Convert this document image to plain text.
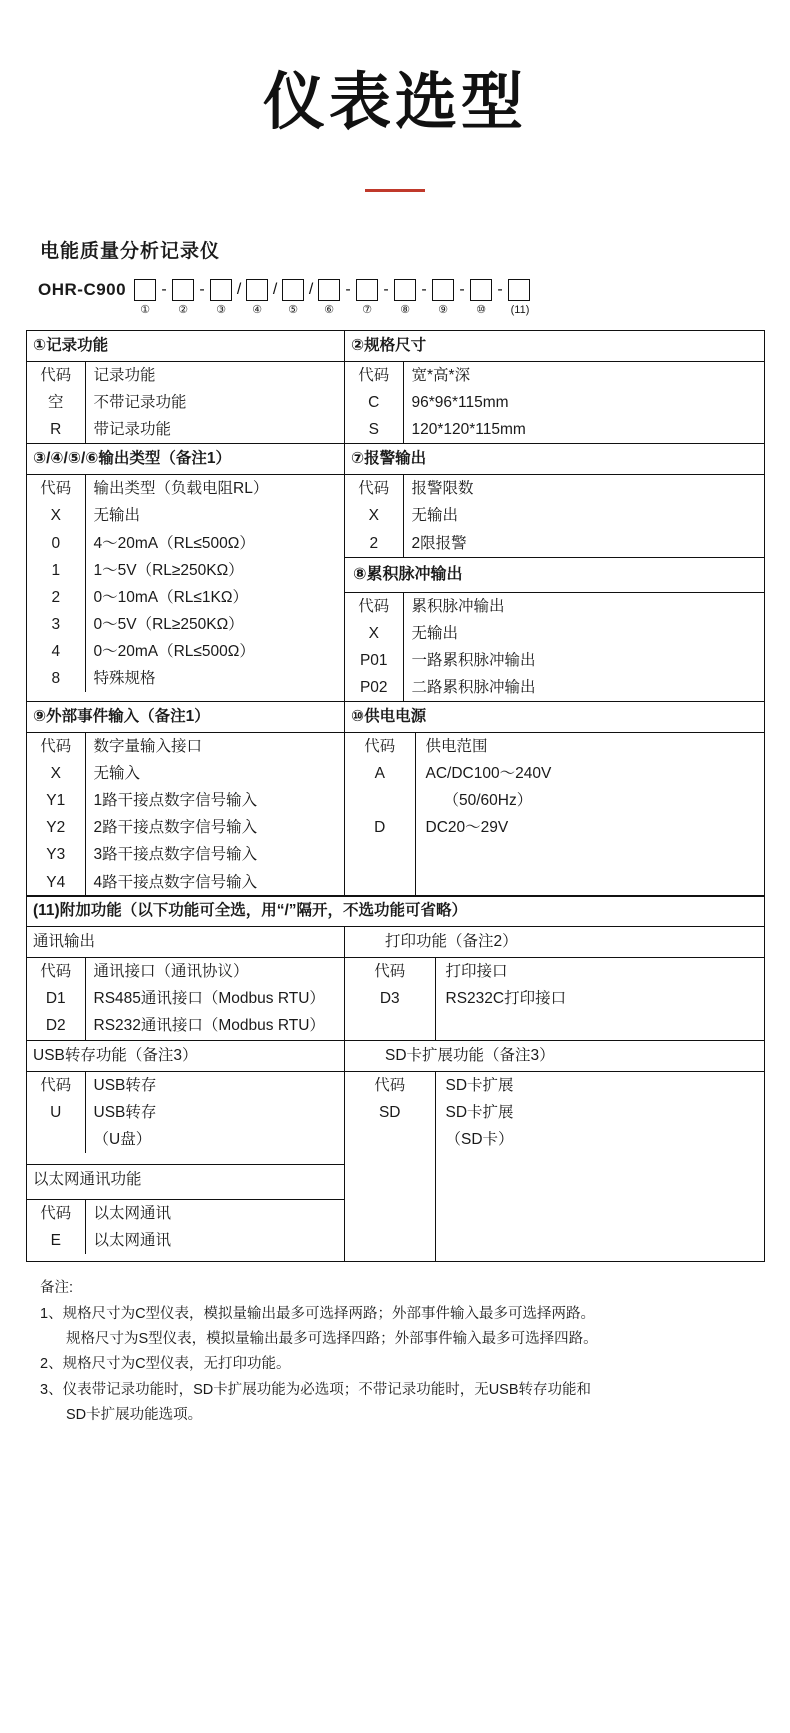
仪表选型
电能质量分析记录仪
OHR-C900	-	-	/ / /	-	-	-	-	-
①	②	③	④	⑤	⑥	⑦	⑧	⑨	⑩	(11)
①记录功能	②规格尺寸

代码	记录功能
空	不带记录功能
R	带记录功能

代码	宽*高*深
C	96*96*115mm
S	120*120*115mm

③/④/⑤/⑥输出类型（备注1）	⑦报警输出

代码	输出类型（负载电阻RL）
X	无输出
0	4～20mA（RL≤500Ω）
1	1～5V（RL≥250KΩ）
2	0～10mA（RL≤1KΩ）
3	0～5V（RL≥250KΩ）
4	0～20mA（RL≤500Ω）
8	特殊规格

代码	报警限数
X	无输出
2	2限报警
⑧累积脉冲输出
代码	累积脉冲输出
X	无输出
P01	一路累积脉冲输出
P02	二路累积脉冲输出

⑨外部事件输入（备注1）	⑩供电电源

代码	数字量输入接口
X	无输入
Y1	1路干接点数字信号输入
Y2	2路干接点数字信号输入
Y3	3路干接点数字信号输入
Y4	4路干接点数字信号输入

代码	供电范围
A	AC/DC100～240V
	（50/60Hz）
D	DC20～29V

(11)附加功能（以下功能可全选，用“/”隔开，不选功能可省略）
通讯输出	打印功能（备注2）

代码	通讯接口（通讯协议）
D1	RS485通讯接口（Modbus RTU）
D2	RS232通讯接口（Modbus RTU）

代码	打印接口
D3	RS232C打印接口

USB转存功能（备注3）	SD卡扩展功能（备注3）

代码	USB转存
U	USB转存
	（U盘）

代码	SD卡扩展
SD	SD卡扩展
	（SD卡）

以太网通讯功能

代码	以太网通讯
E	以太网通讯
备注:
1、规格尺寸为C型仪表，模拟量输出最多可选择两路；外部事件输入最多可选择两路。
规格尺寸为S型仪表，模拟量输出最多可选择四路；外部事件输入最多可选择四路。
2、规格尺寸为C型仪表，无打印功能。
3、仪表带记录功能时，SD卡扩展功能为必选项；不带记录功能时，无USB转存功能和
SD卡扩展功能选项。
